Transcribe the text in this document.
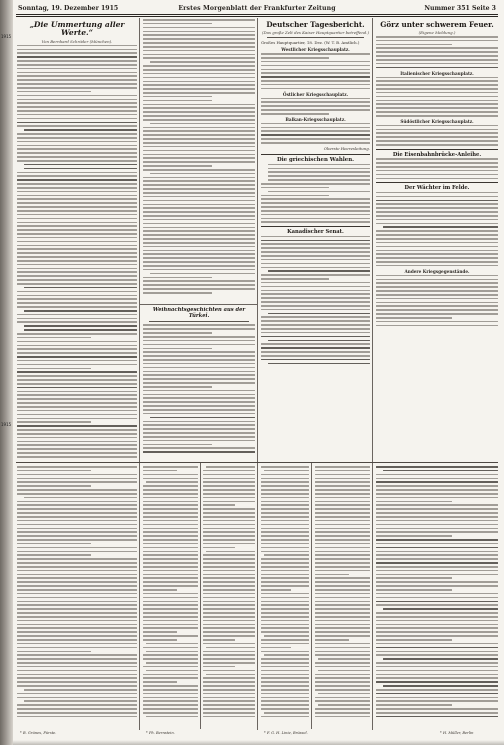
1915
1915
Sonntag, 19. Dezember 1915	Erstes Morgenblatt der Frankfurter Zeitung	Nummer 351 Seite 3

„Die Ummertung aller Werte.“

Von Bernhard Schröder (München).

Weihnachtsgeschichten aus der Türkei.

Deutscher Tagesbericht.

(Das große Zelt des Kaiser Hauptquartier betreffend.)

Großes Hauptquartier, 18. Dez. (W. T. B. Amtlich.)

Westlicher Kriegsschauplatz.

Östlicher Kriegsschauplatz.

Balkan-Kriegsschauplatz.

Oberste Heeresleitung.

Die griechischen Wahlen.

Kanadischer Senat.

Görz unter schwerem Feuer.

(Eigene Meldung.)

Italienischer Kriegsschauplatz.

Südöstlicher Kriegsschauplatz.

Die Eisenbahnbrücke-Anleihe.

Der Wächter im Felde.

Andere Kriegsgegenstände.

* B. Grünes, Fürste.	* Ph. Bernstein.	* F. G. H. Linie, Brüssel.	* H. Müller, Berlin
